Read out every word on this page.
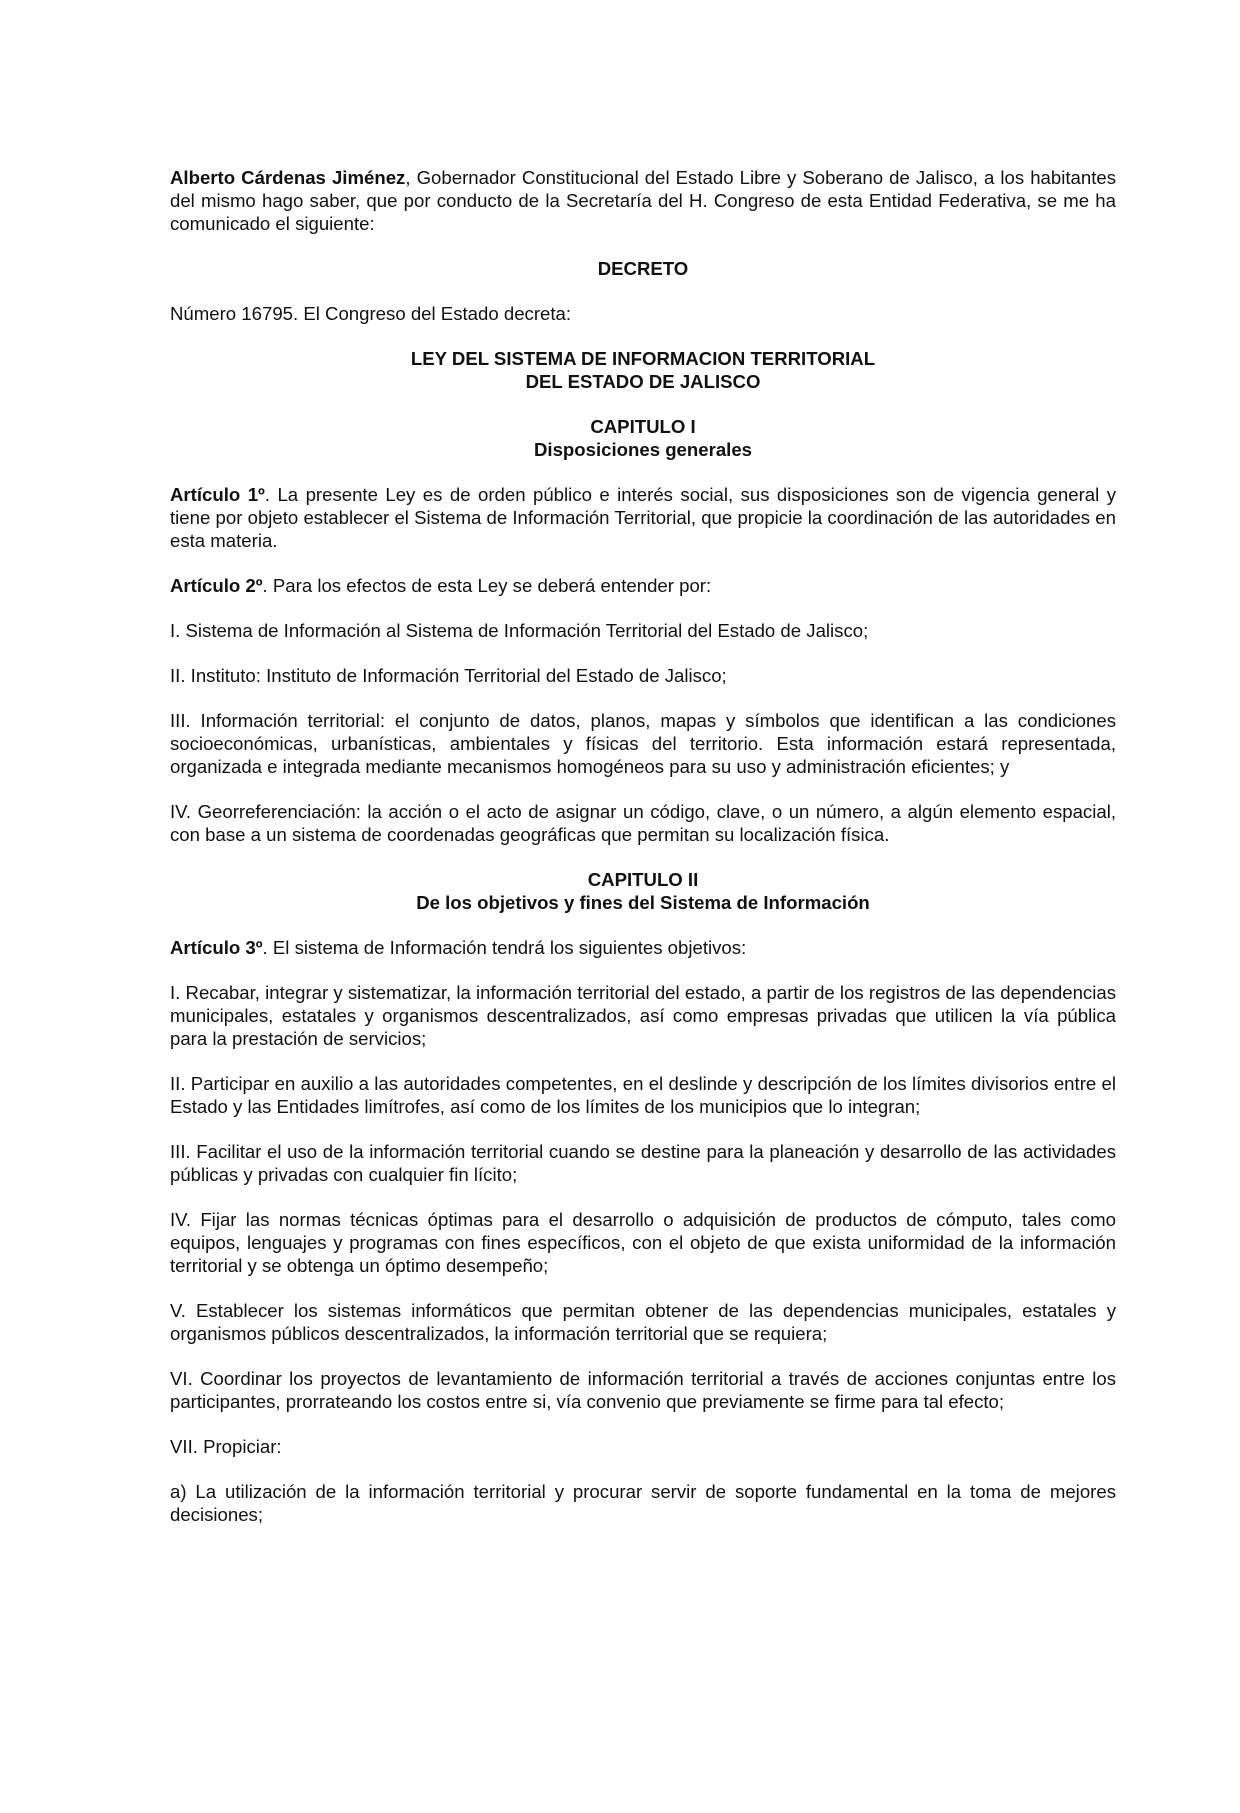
Alberto Cárdenas Jiménez, Gobernador Constitucional del Estado Libre y Soberano de Jalisco, a los habitantes del mismo hago saber, que por conducto de la Secretaría del H. Congreso de esta Entidad Federativa, se me ha comunicado el siguiente:

DECRETO

Número 16795. El Congreso del Estado decreta:

LEY DEL SISTEMA DE INFORMACION TERRITORIAL
DEL ESTADO DE JALISCO
CAPITULO I
Disposiciones generales

Artículo 1º. La presente Ley es de orden público e interés social, sus disposiciones son de vigencia general y tiene por objeto establecer el Sistema de Información Territorial, que propicie la coordinación de las autoridades en esta materia.

Artículo 2º. Para los efectos de esta Ley se deberá entender por:

I. Sistema de Información al Sistema de Información Territorial del Estado de Jalisco;

II. Instituto: Instituto de Información Territorial del Estado de Jalisco;

III. Información territorial: el conjunto de datos, planos, mapas y símbolos que identifican a las condiciones socioeconómicas, urbanísticas, ambientales y físicas del territorio. Esta información estará representada, organizada e integrada mediante mecanismos homogéneos para su uso y administración eficientes; y

IV. Georreferenciación: la acción o el acto de asignar un código, clave, o un número, a algún elemento espacial, con base a un sistema de coordenadas geográficas que permitan su localización física.

CAPITULO II
De los objetivos y fines del Sistema de Información

Artículo 3º. El sistema de Información tendrá los siguientes objetivos:

I. Recabar, integrar y sistematizar, la información territorial del estado, a partir de los registros de las dependencias municipales, estatales y organismos descentralizados, así como empresas privadas que utilicen la vía pública para la prestación de servicios;

II. Participar en auxilio a las autoridades competentes, en el deslinde y descripción de los límites divisorios entre el Estado y las Entidades limítrofes, así como de los límites de los municipios que lo integran;

III. Facilitar el uso de la información territorial cuando se destine para la planeación y desarrollo de las actividades públicas y privadas con cualquier fin lícito;

IV. Fijar las normas técnicas óptimas para el desarrollo o adquisición de productos de cómputo, tales como equipos, lenguajes y programas con fines específicos, con el objeto de que exista uniformidad de la información territorial y se obtenga un óptimo desempeño;

V. Establecer los sistemas informáticos que permitan obtener de las dependencias municipales, estatales y organismos públicos descentralizados, la información territorial que se requiera;

VI. Coordinar los proyectos de levantamiento de información territorial a través de acciones conjuntas entre los participantes, prorrateando los costos entre si, vía convenio que previamente se firme para tal efecto;

VII. Propiciar:

a) La utilización de la información territorial y procurar servir de soporte fundamental en la toma de mejores decisiones;
